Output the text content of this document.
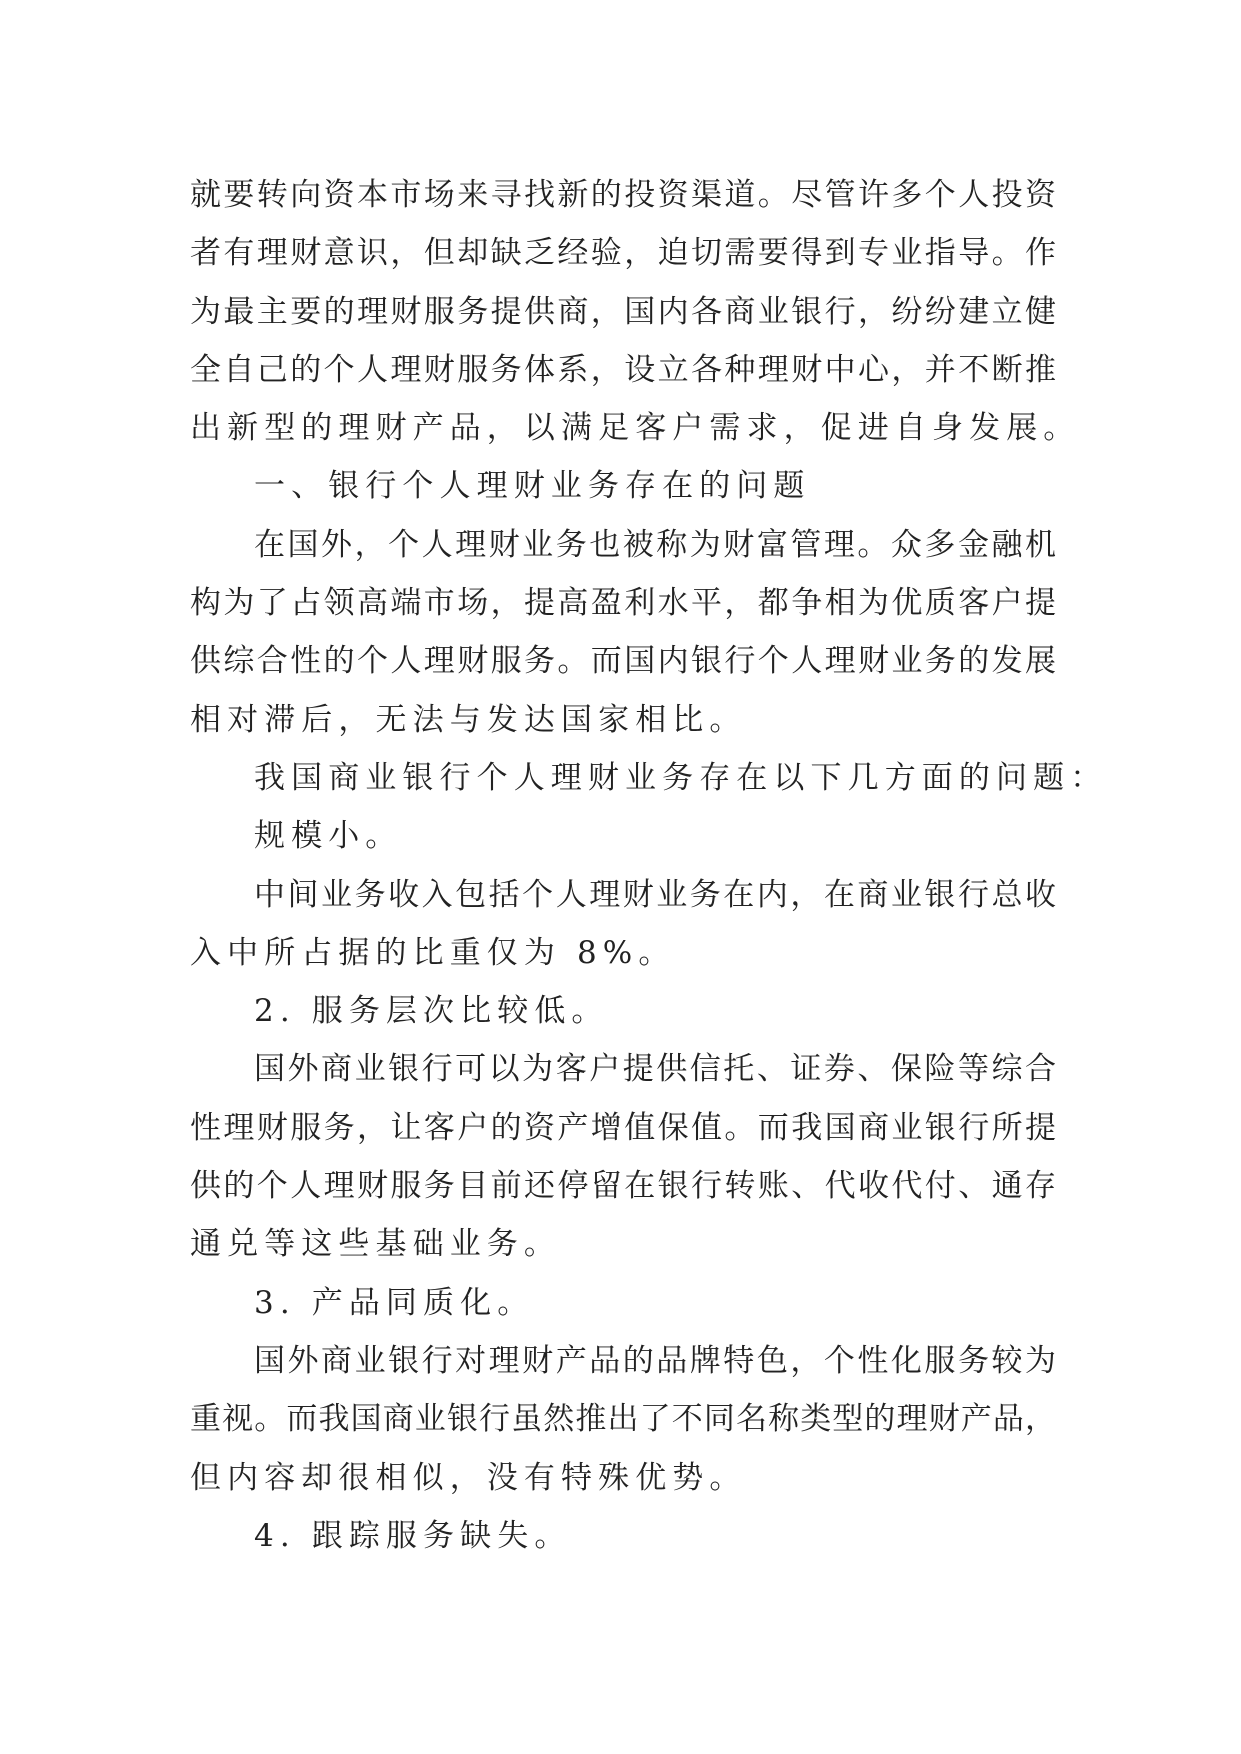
就要转向资本市场来寻找新的投资渠道。尽管许多个人投资
者有理财意识，但却缺乏经验，迫切需要得到专业指导。作
为最主要的理财服务提供商，国内各商业银行，纷纷建立健
全自己的个人理财服务体系，设立各种理财中心，并不断推
出新型的理财产品，以满足客户需求，促进自身发展。
一、银行个人理财业务存在的问题
在国外，个人理财业务也被称为财富管理。众多金融机
构为了占领高端市场，提高盈利水平，都争相为优质客户提
供综合性的个人理财服务。而国内银行个人理财业务的发展
相对滞后，无法与发达国家相比。
我国商业银行个人理财业务存在以下几方面的问题：
规模小。
中间业务收入包括个人理财业务在内，在商业银行总收
入中所占据的比重仅为 8%。
2. 服务层次比较低。
国外商业银行可以为客户提供信托、证券、保险等综合
性理财服务，让客户的资产增值保值。而我国商业银行所提
供的个人理财服务目前还停留在银行转账、代收代付、通存
通兑等这些基础业务。
3. 产品同质化。
国外商业银行对理财产品的品牌特色，个性化服务较为
重视。而我国商业银行虽然推出了不同名称类型的理财产品，
但内容却很相似，没有特殊优势。
4. 跟踪服务缺失。
